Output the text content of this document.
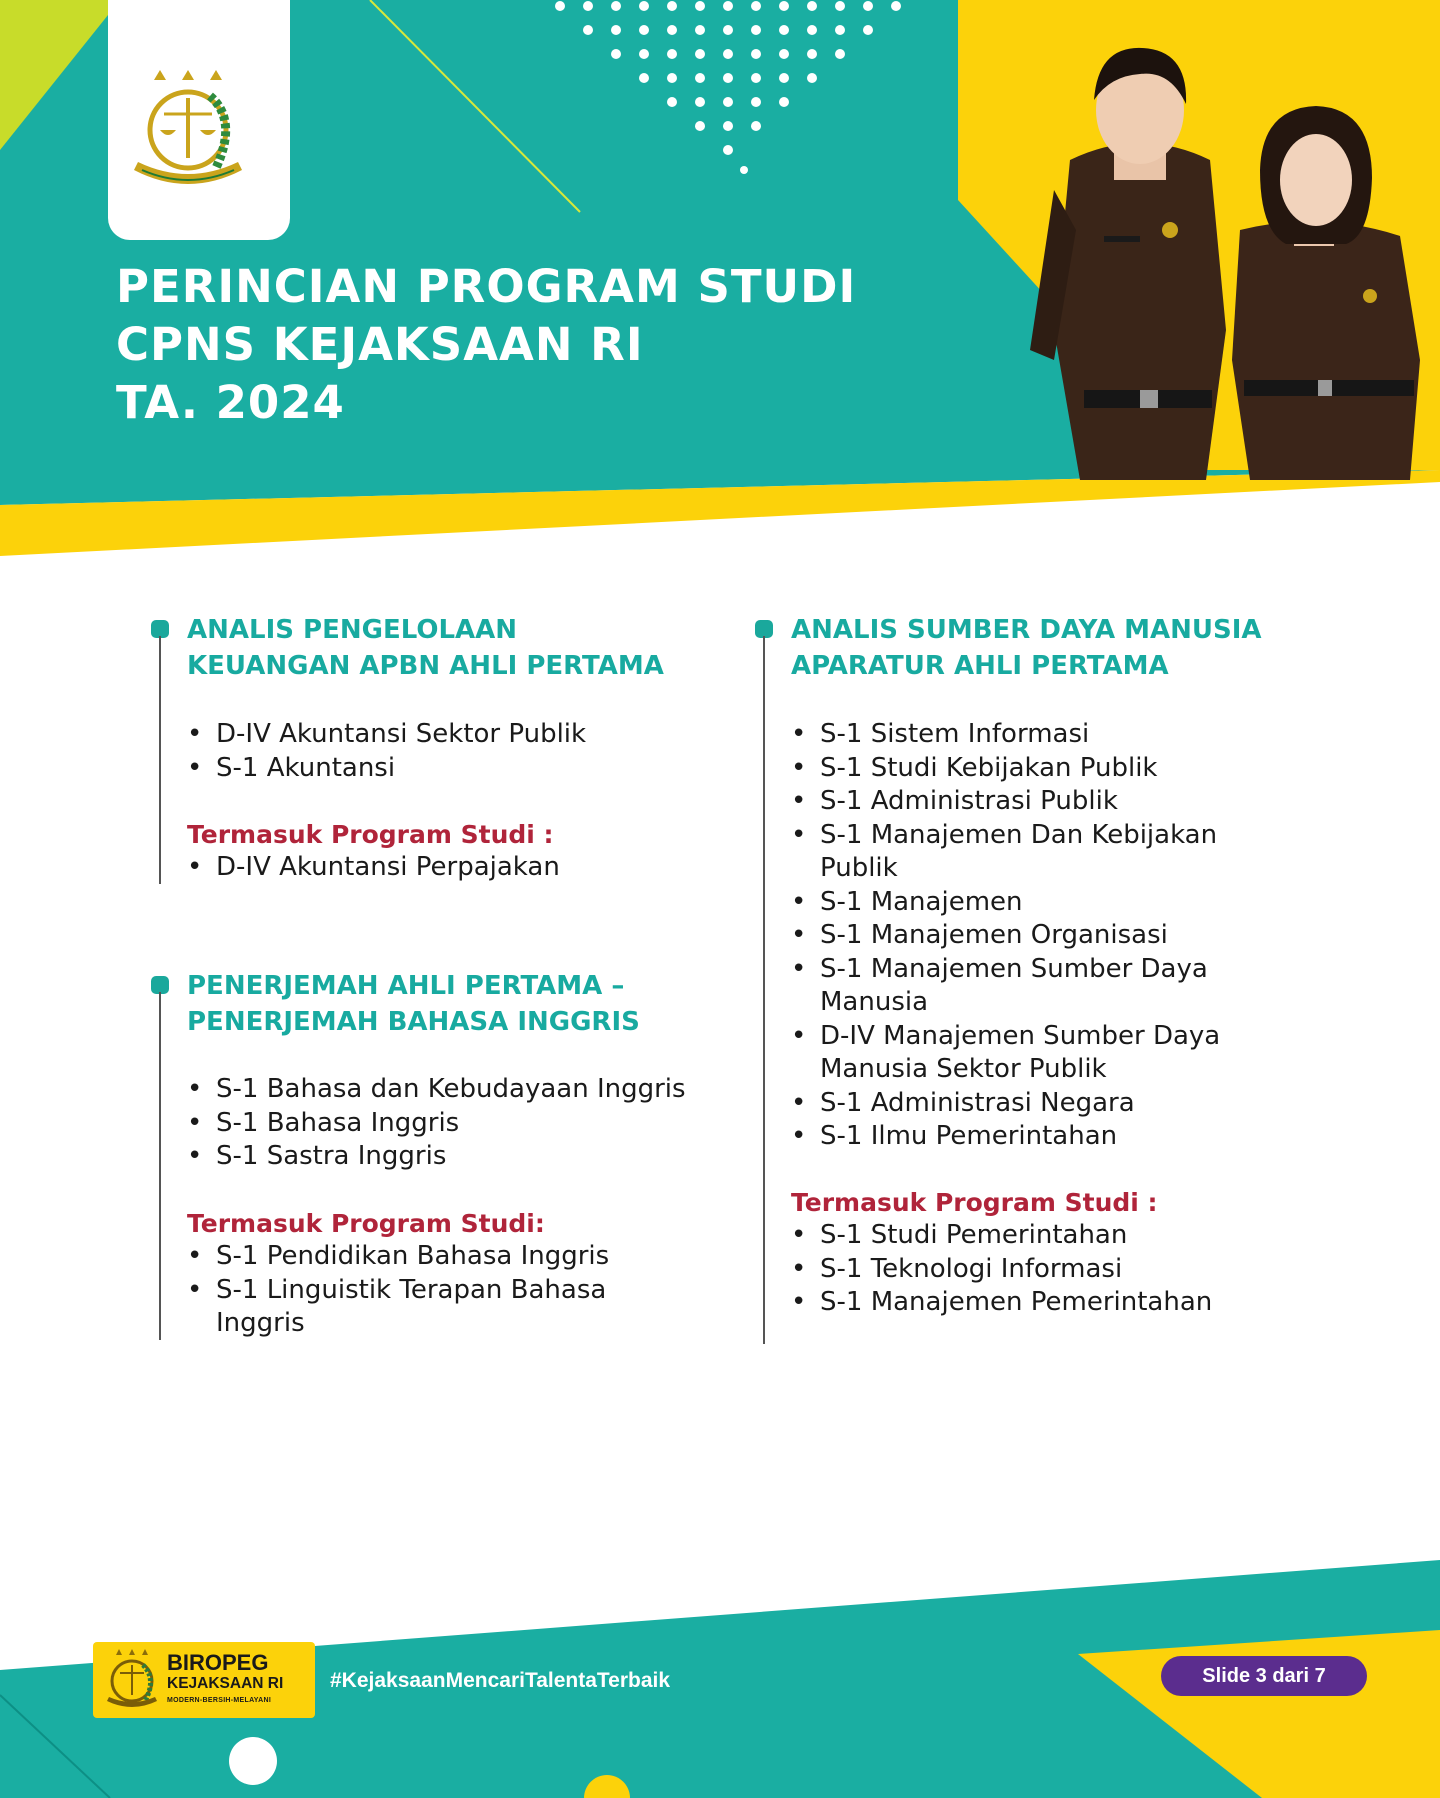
PERINCIAN PROGRAM STUDI
CPNS KEJAKSAAN RI
TA. 2024
ANALIS PENGELOLAAN
KEUANGAN APBN AHLI PERTAMA
• D-IV Akuntansi Sektor Publik
• S-1 Akuntansi
Termasuk Program Studi :
• D-IV Akuntansi Perpajakan
PENERJEMAH AHLI PERTAMA –
PENERJEMAH BAHASA INGGRIS
• S-1 Bahasa dan Kebudayaan Inggris
• S-1 Bahasa Inggris
• S-1 Sastra Inggris
Termasuk Program Studi:
• S-1 Pendidikan Bahasa Inggris
• S-1 Linguistik Terapan Bahasa Inggris
ANALIS SUMBER DAYA MANUSIA
APARATUR AHLI PERTAMA
• S-1 Sistem Informasi
• S-1 Studi Kebijakan Publik
• S-1 Administrasi Publik
• S-1 Manajemen Dan Kebijakan Publik
• S-1 Manajemen
• S-1 Manajemen Organisasi
• S-1 Manajemen Sumber Daya Manusia
• D-IV Manajemen Sumber Daya Manusia Sektor Publik
• S-1 Administrasi Negara
• S-1 Ilmu Pemerintahan
Termasuk Program Studi :
• S-1 Studi Pemerintahan
• S-1 Teknologi Informasi
• S-1 Manajemen Pemerintahan
BIROPEG
KEJAKSAAN RI
MODERN-BERSIH-MELAYANI
#KejaksaanMencariTalentaTerbaik	Slide 3 dari 7
